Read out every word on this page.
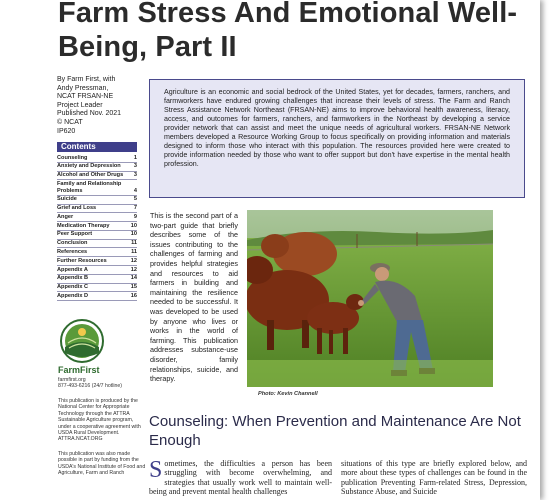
Farm Stress And Emotional Well-Being, Part II
By Farm First, with
Andy Pressman,
NCAT FRSAN-NE
Project Leader
Published Nov. 2021
© NCAT
IP620
Contents
Counseling	1
Anxiety and Depression	3
Alcohol and Other Drugs	3
Family and Relationship Problems	4
Suicide	5
Grief and Loss	7
Anger	9
Medication Therapy	10
Peer Support	10
Conclusion	11
References	11
Further Resources	12
Appendix A	12
Appendix B	14
Appendix C	15
Appendix D	16
FarmFirst
farmfirst.org
877-493-6216 (24/7 hotline)
This publication is produced by the National Center for Appropriate Technology through the ATTRA Sustainable Agriculture program, under a cooperative agreement with USDA Rural Development. ATTRA.NCAT.ORG
This publication was also made possible in part by funding from the USDA's National Institute of Food and Agriculture, Farm and Ranch
Agriculture is an economic and social bedrock of the United States, yet for decades, farmers, ranchers, and farmworkers have endured growing challenges that increase their levels of stress. The Farm and Ranch Stress Assistance Network Northeast (FRSAN-NE) aims to improve behavioral health awareness, literacy, access, and outcomes for farmers, ranchers, and farmworkers in the Northeast by developing a service provider network that can assist and meet the unique needs of agricultural workers. FRSAN-NE Network members developed a Resource Working Group to focus specifically on providing information and materials designed to inform those who interact with this population. The resources provided here were created to provide information needed by those who want to offer support but don't have expertise in the mental health profession.
This is the second part of a two-part guide that briefly describes some of the issues contributing to the challenges of farming and provides helpful strategies and resources to aid farmers in building and maintaining the resilience needed to be successful. It was developed to be used by anyone who lives or works in the world of farming. This publication addresses substance-use disorder, family relationships, suicide, and therapy.
Photo: Kevin Channell
Counseling: When Prevention and Maintenance Are Not Enough
Sometimes, the difficulties a person has been struggling with become overwhelming, and strategies that usually work well to maintain well-being and prevent mental health challenges
situations of this type are briefly explored below, and more about these types of challenges can be found in the publication Preventing Farm-related Stress, Depression, Substance Abuse, and Suicide
